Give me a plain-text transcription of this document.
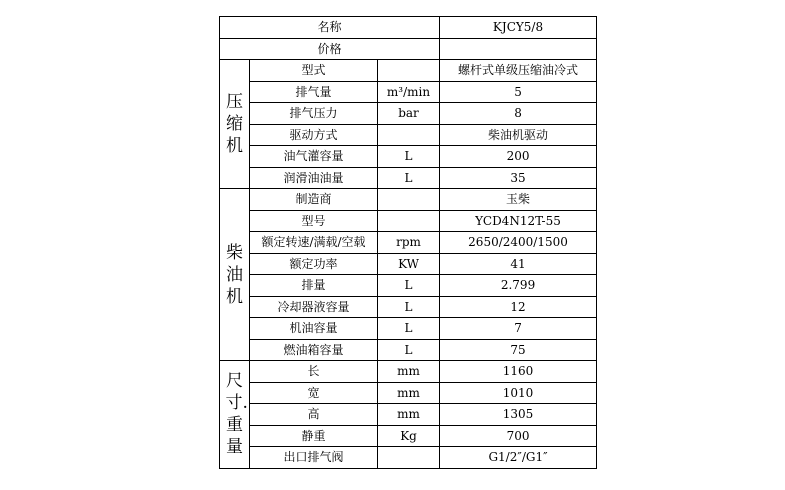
名称			KJCY5/8
价格			

压缩机	型式		螺杆式单级压缩油冷式
	排气量	m³/min	5
	排气压力	bar	8
	驱动方式		柴油机驱动
	油气灌容量	L	200
	润滑油油量	L	35

柴油机	制造商		玉柴
	型号		YCD4N12T-55
	额定转速/满载/空载	rpm	2650/2400/1500
	额定功率	KW	41
	排量	L	2.799
	冷却器液容量	L	12
	机油容量	L	7
	燃油箱容量	L	75

尺寸.重量	长	mm	1160
	宽	mm	1010
	高	mm	1305
	静重	Kg	700
	出口排气阀		G1/2″/G1″
